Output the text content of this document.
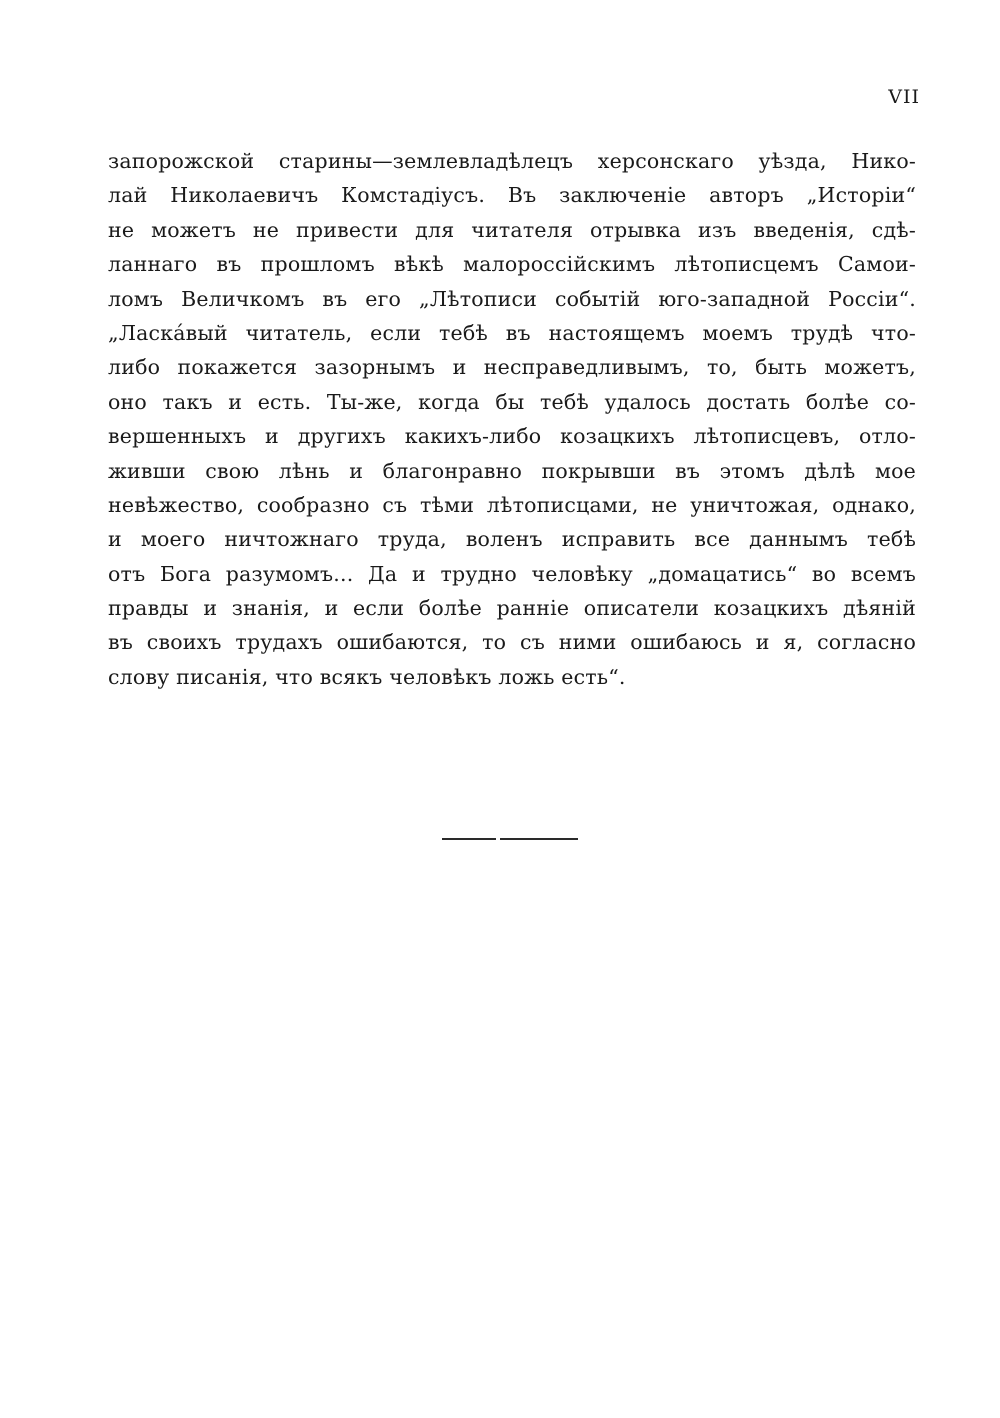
VII
запорожской старины—землевладѣлецъ херсонскаго уѣзда, Нико-
лай Николаевичъ Комстадіусъ. Въ заключеніе авторъ „Исторіи“
не можетъ не привести для читателя отрывка изъ введенія, сдѣ-
ланнаго въ прошломъ вѣкѣ малороссійскимъ лѣтописцемъ Самои-
ломъ Величкомъ въ его „Лѣтописи событій юго-западной Россіи“.
„Ласкáвый читатель, если тебѣ въ настоящемъ моемъ трудѣ что-
либо покажется зазорнымъ и несправедливымъ, то, быть можетъ,
оно такъ и есть. Ты-же, когда бы тебѣ удалось достать болѣе со-
вершенныхъ и другихъ какихъ-либо козацкихъ лѣтописцевъ, отло-
живши свою лѣнь и благонравно покрывши въ этомъ дѣлѣ мое
невѣжество, сообразно съ тѣми лѣтописцами, не уничтожая, однако,
и моего ничтожнаго труда, воленъ исправить все даннымъ тебѣ
отъ Бога разумомъ... Да и трудно человѣку „домацатись“ во всемъ
правды и знанія, и если болѣе ранніе описатели козацкихъ дѣяній
въ своихъ трудахъ ошибаются, то съ ними ошибаюсь и я, согласно
слову писанія, что всякъ человѣкъ ложь есть“.
